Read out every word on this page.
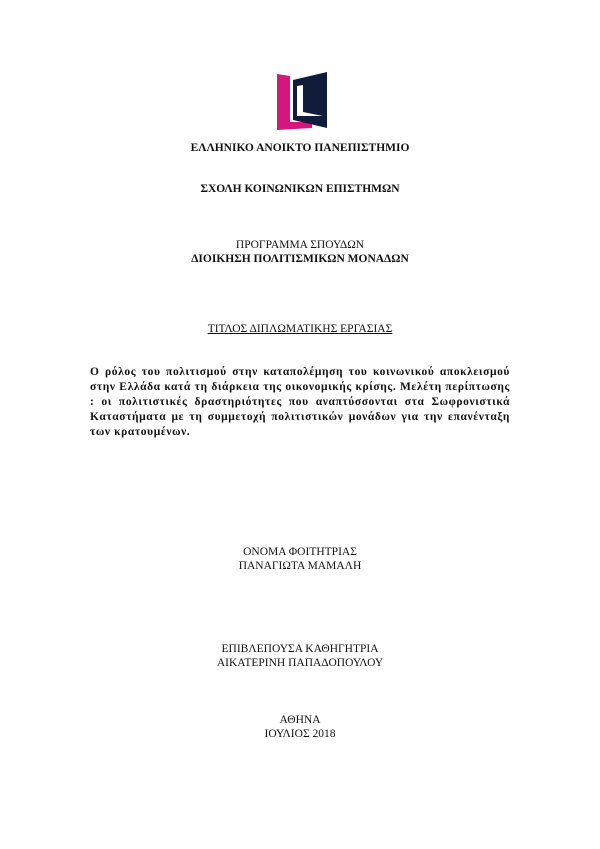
ΕΛΛΗΝΙΚΟ ΑΝΟΙΚΤΟ ΠΑΝΕΠΙΣΤΗΜΙΟ
ΣΧΟΛΗ ΚΟΙΝΩΝΙΚΩΝ ΕΠΙΣΤΗΜΩΝ
ΠΡΟΓΡΑΜΜΑ ΣΠΟΥΔΩΝ
ΔΙΟΙΚΗΣΗ ΠΟΛΙΤΙΣΜΙΚΩΝ ΜΟΝΑΔΩΝ
ΤΙΤΛΟΣ ΔΙΠΛΩΜΑΤΙΚΗΣ ΕΡΓΑΣΙΑΣ

Ο ρόλος του πολιτισμού στην καταπολέμηση του κοινωνικού αποκλεισμού στην Ελλάδα κατά τη διάρκεια της οικονομικής κρίσης. Μελέτη περίπτωσης : οι πολιτιστικές δραστηριότητες που αναπτύσσονται στα Σωφρονιστικά Καταστήματα με τη συμμετοχή πολιτιστικών μονάδων για την επανένταξη των κρατουμένων.

ΟΝΟΜΑ ΦΟΙΤΗΤΡΙΑΣ
ΠΑΝΑΓΙΩΤΑ ΜΑΜΑΛΗ
ΕΠΙΒΛΕΠΟΥΣΑ ΚΑΘΗΓΗΤΡΙΑ
ΑΙΚΑΤΕΡΙΝΗ ΠΑΠΑΔΟΠΟΥΛΟΥ
ΑΘΗΝΑ
ΙΟΥΛΙΟΣ 2018
